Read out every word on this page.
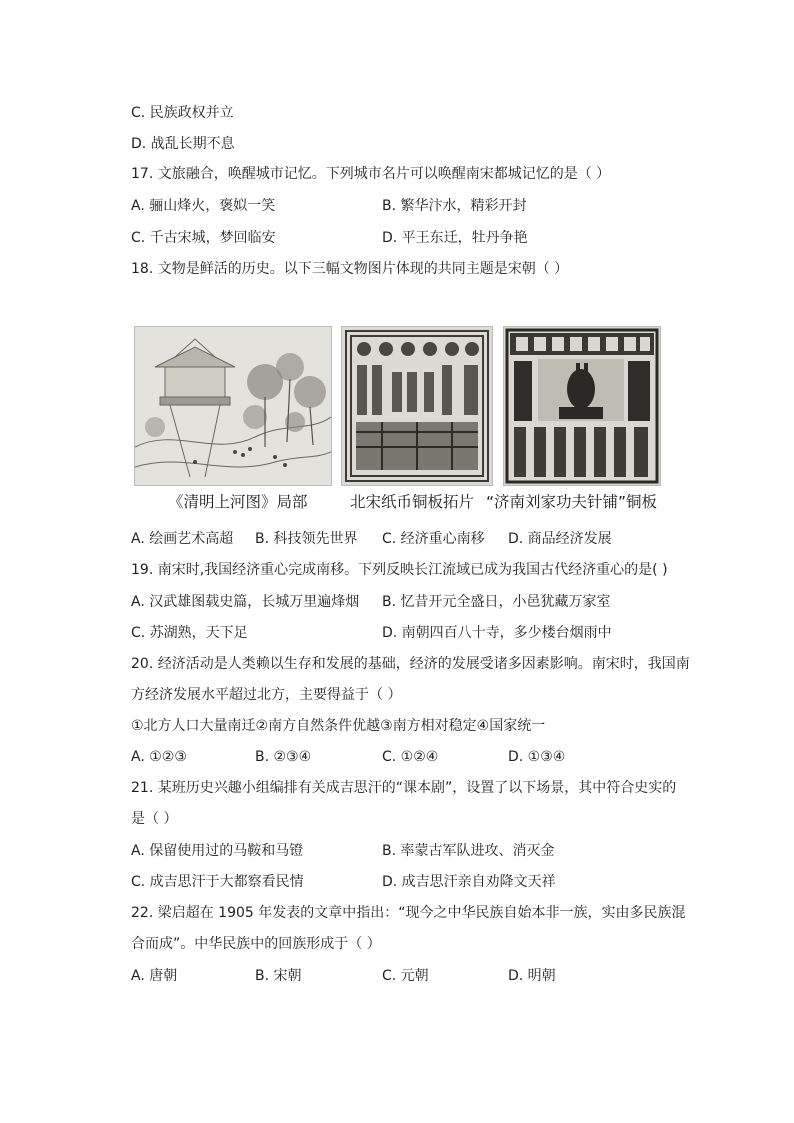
C. 民族政权并立
D. 战乱长期不息
17. 文旅融合，唤醒城市记忆。下列城市名片可以唤醒南宋都城记忆的是（ ）
A. 骊山烽火，褒姒一笑	B. 繁华汴水，精彩开封
C. 千古宋城，梦回临安	D. 平王东迁，牡丹争艳
18. 文物是鲜活的历史。以下三幅文物图片体现的共同主题是宋朝（ ）
《清明上河图》局部	北宋纸币铜板拓片 “济南刘家功夫针铺”铜板
A. 绘画艺术高超 B. 科技领先世界 C. 经济重心南移 D. 商品经济发展
19. 南宋时,我国经济重心完成南移。下列反映长江流域已成为我国古代经济重心的是( )
A. 汉武雄图载史篇，长城万里遍烽烟 B. 忆昔开元全盛日，小邑犹藏万家室
C. 苏湖熟，天下足	D. 南朝四百八十寺，多少楼台烟雨中
20. 经济活动是人类赖以生存和发展的基础，经济的发展受诸多因素影响。南宋时，我国南
方经济发展水平超过北方，主要得益于（ ）
①北方人口大量南迁②南方自然条件优越③南方相对稳定④国家统一
A. ①②③	B. ②③④	C. ①②④	D. ①③④
21. 某班历史兴趣小组编排有关成吉思汗的“课本剧”，设置了以下场景，其中符合史实的
是（ ）
A. 保留使用过的马鞍和马镫	B. 率蒙古军队进攻、消灭金
C. 成吉思汗于大都察看民情	D. 成吉思汗亲自劝降文天祥
22. 梁启超在 1905 年发表的文章中指出：“现今之中华民族自始本非一族，实由多民族混
合而成”。中华民族中的回族形成于（ ）
A. 唐朝	B. 宋朝	C. 元朝	D. 明朝
